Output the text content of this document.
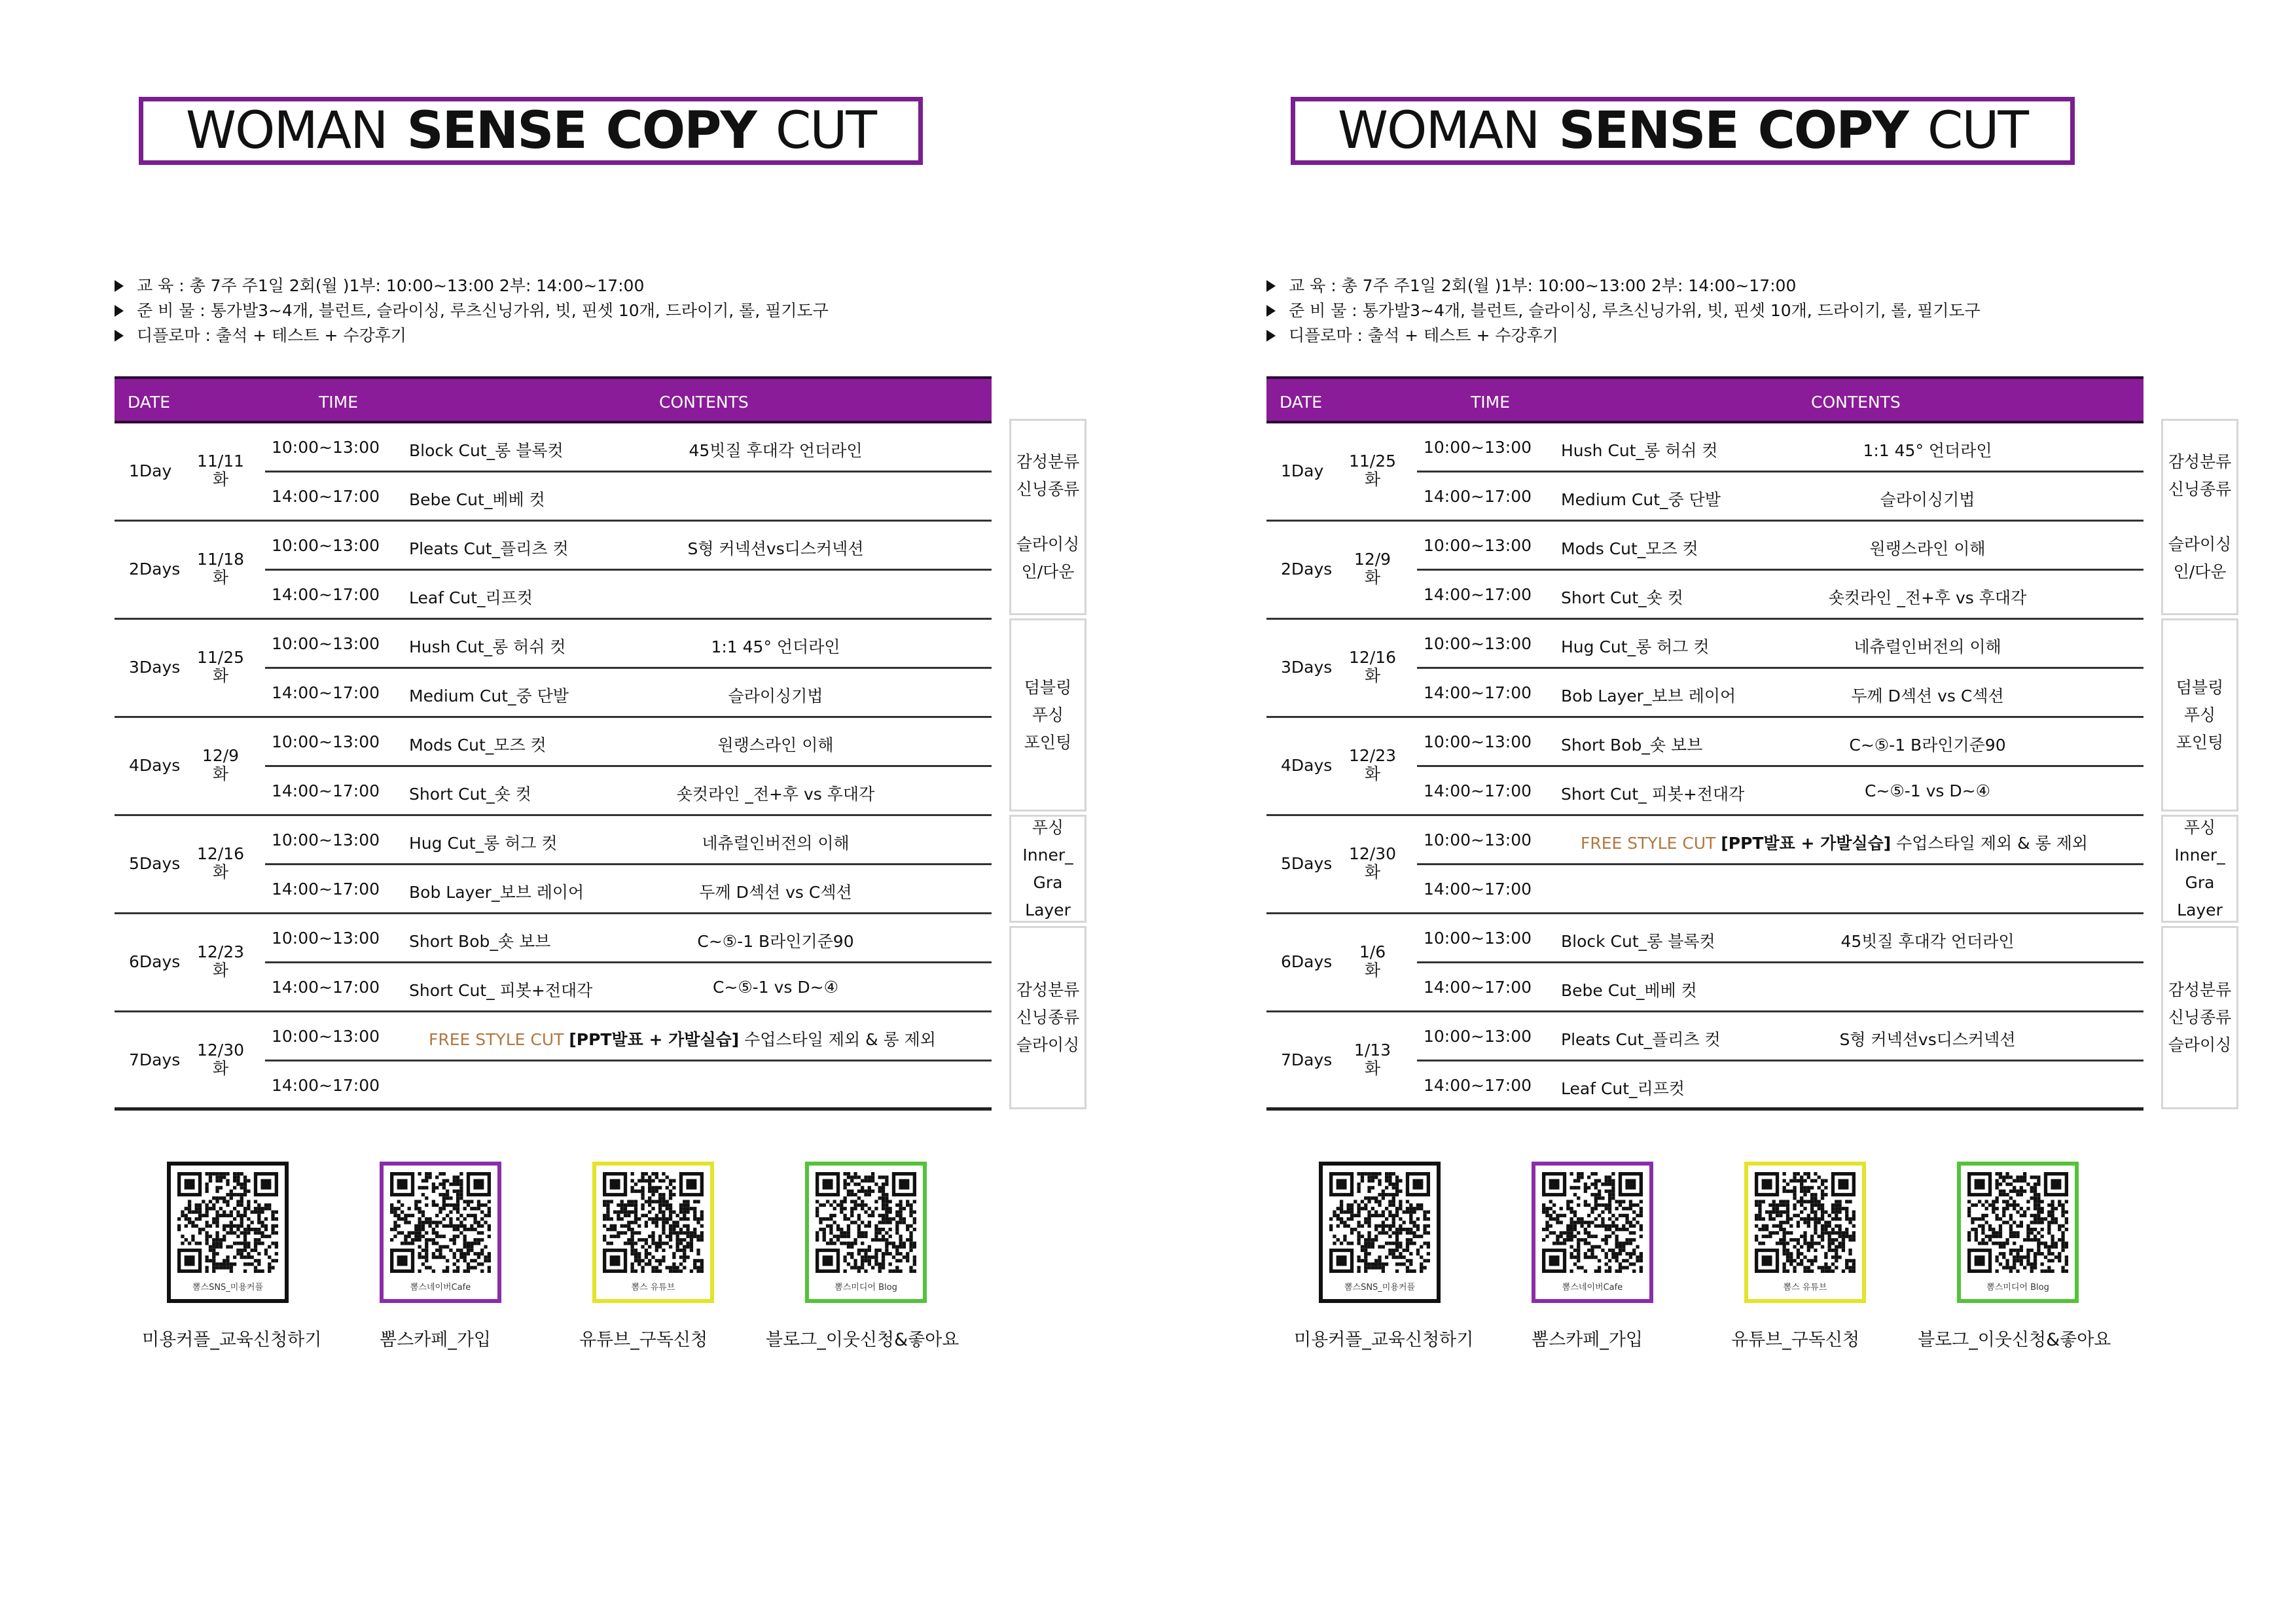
WOMAN SENSE COPY CUT
교 육 : 총 7주 주1일 2회(월 )1부: 10:00~13:00 2부: 14:00~17:00
준 비 물 : 통가발3~4개, 블런트, 슬라이싱, 루츠신닝가위, 빗, 핀셋 10개, 드라이기, 롤, 필기도구
디플로마 : 출석 + 테스트 + 수강후기
DATE	TIME	CONTENTS
1Day
11/11
화
10:00~13:00 Block Cut_롱 블록컷	45빗질 후대각 언더라인
14:00~17:00 Bebe Cut_베베 컷
2Days
11/18
화
10:00~13:00 Pleats Cut_플리츠 컷	S형 커넥션vs디스커넥션
14:00~17:00 Leaf Cut_리프컷
3Days
11/25
화
10:00~13:00 Hush Cut_롱 허쉬 컷	1:1 45° 언더라인
14:00~17:00 Medium Cut_중 단발	슬라이싱기법
4Days
12/9
화
10:00~13:00 Mods Cut_모즈 컷	원랭스라인 이해
14:00~17:00 Short Cut_숏 컷	숏컷라인 _전+후 vs 후대각
5Days
12/16
화
10:00~13:00 Hug Cut_롱 허그 컷	네츄럴인버전의 이해
14:00~17:00 Bob Layer_보브 레이어	두께 D섹션 vs C섹션
6Days
12/23
화
10:00~13:00 Short Bob_숏 보브	C~⑤-1 B라인기준90
14:00~17:00 Short Cut_ 피봇+전대각	C~⑤-1 vs D~④
7Days
12/30
화
10:00~13:00	FREE STYLE CUT [PPT발표 + 가발실습] 수업스타일 제외 & 롱 제외
14:00~17:00
감성분류
신닝종류

슬라이싱
인/다운
덤블링
푸싱
포인팅
푸싱
Inner_
Gra
Layer
감성분류
신닝종류
슬라이싱
뽐스SNS_미용커플
미용커플_교육신청하기
뽐스네이버Cafe
뽐스카페_가입
뽐스 유튜브
유튜브_구독신청
뽐스미디어 Blog
블로그_이웃신청&좋아요
WOMAN SENSE COPY CUT
교 육 : 총 7주 주1일 2회(월 )1부: 10:00~13:00 2부: 14:00~17:00
준 비 물 : 통가발3~4개, 블런트, 슬라이싱, 루츠신닝가위, 빗, 핀셋 10개, 드라이기, 롤, 필기도구
디플로마 : 출석 + 테스트 + 수강후기
DATE	TIME	CONTENTS
1Day
11/25
화
10:00~13:00 Hush Cut_롱 허쉬 컷	1:1 45° 언더라인
14:00~17:00 Medium Cut_중 단발	슬라이싱기법
2Days
12/9
화
10:00~13:00 Mods Cut_모즈 컷	원랭스라인 이해
14:00~17:00 Short Cut_숏 컷	숏컷라인 _전+후 vs 후대각
3Days
12/16
화
10:00~13:00 Hug Cut_롱 허그 컷	네츄럴인버전의 이해
14:00~17:00 Bob Layer_보브 레이어	두께 D섹션 vs C섹션
4Days
12/23
화
10:00~13:00 Short Bob_숏 보브	C~⑤-1 B라인기준90
14:00~17:00 Short Cut_ 피봇+전대각	C~⑤-1 vs D~④
5Days
12/30
화
10:00~13:00	FREE STYLE CUT [PPT발표 + 가발실습] 수업스타일 제외 & 롱 제외
14:00~17:00
6Days
1/6
화
10:00~13:00 Block Cut_롱 블록컷	45빗질 후대각 언더라인
14:00~17:00 Bebe Cut_베베 컷
7Days
1/13
화
10:00~13:00 Pleats Cut_플리츠 컷	S형 커넥션vs디스커넥션
14:00~17:00 Leaf Cut_리프컷
감성분류
신닝종류

슬라이싱
인/다운
덤블링
푸싱
포인팅
푸싱
Inner_
Gra
Layer
감성분류
신닝종류
슬라이싱
뽐스SNS_미용커플
미용커플_교육신청하기
뽐스네이버Cafe
뽐스카페_가입
뽐스 유튜브
유튜브_구독신청
뽐스미디어 Blog
블로그_이웃신청&좋아요
